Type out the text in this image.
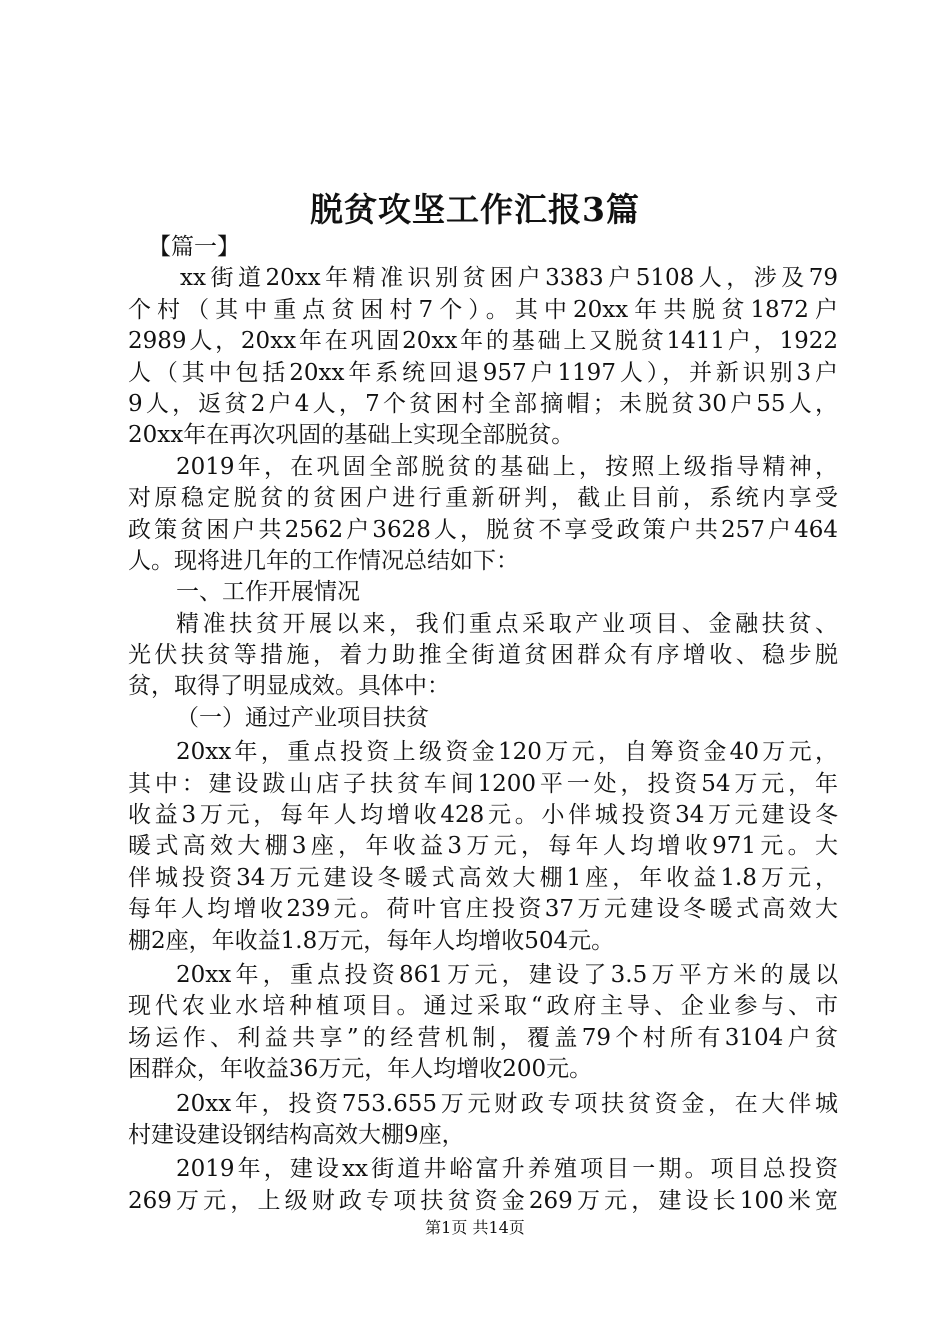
脱贫攻坚工作汇报3篇
【篇一】
xx街道20xx年精准识别贫困户3383户5108人，涉及79
个村（其中重点贫困村7个）。其中20xx年共脱贫1872户
2989人，20xx年在巩固20xx年的基础上又脱贫1411户，1922
人（其中包括20xx年系统回退957户1197人），并新识别3户
9人，返贫2户4人，7个贫困村全部摘帽；未脱贫30户55人，
20xx年在再次巩固的基础上实现全部脱贫。
2019年，在巩固全部脱贫的基础上，按照上级指导精神，
对原稳定脱贫的贫困户进行重新研判，截止目前，系统内享受
政策贫困户共2562户3628人，脱贫不享受政策户共257户464
人。现将进几年的工作情况总结如下：
一、工作开展情况
精准扶贫开展以来，我们重点采取产业项目、金融扶贫、
光伏扶贫等措施，着力助推全街道贫困群众有序增收、稳步脱
贫，取得了明显成效。具体中：
（一）通过产业项目扶贫
20xx年，重点投资上级资金120万元，自筹资金40万元，
其中：建设跋山店子扶贫车间1200平一处，投资54万元，年
收益3万元，每年人均增收428元。小伴城投资34万元建设冬
暖式高效大棚3座，年收益3万元，每年人均增收971元。大
伴城投资34万元建设冬暖式高效大棚1座，年收益1.8万元，
每年人均增收239元。荷叶官庄投资37万元建设冬暖式高效大
棚2座，年收益1.8万元，每年人均增收504元。
20xx年，重点投资861万元，建设了3.5万平方米的晟以
现代农业水培种植项目。通过采取“政府主导、企业参与、市
场运作、利益共享”的经营机制，覆盖79个村所有3104户贫
困群众，年收益36万元，年人均增收200元。
20xx年，投资753.655万元财政专项扶贫资金，在大伴城
村建设建设钢结构高效大棚9座，
2019年，建设xx街道井峪富升养殖项目一期。项目总投资
269万元，上级财政专项扶贫资金269万元，建设长100米宽
第1页 共14页
